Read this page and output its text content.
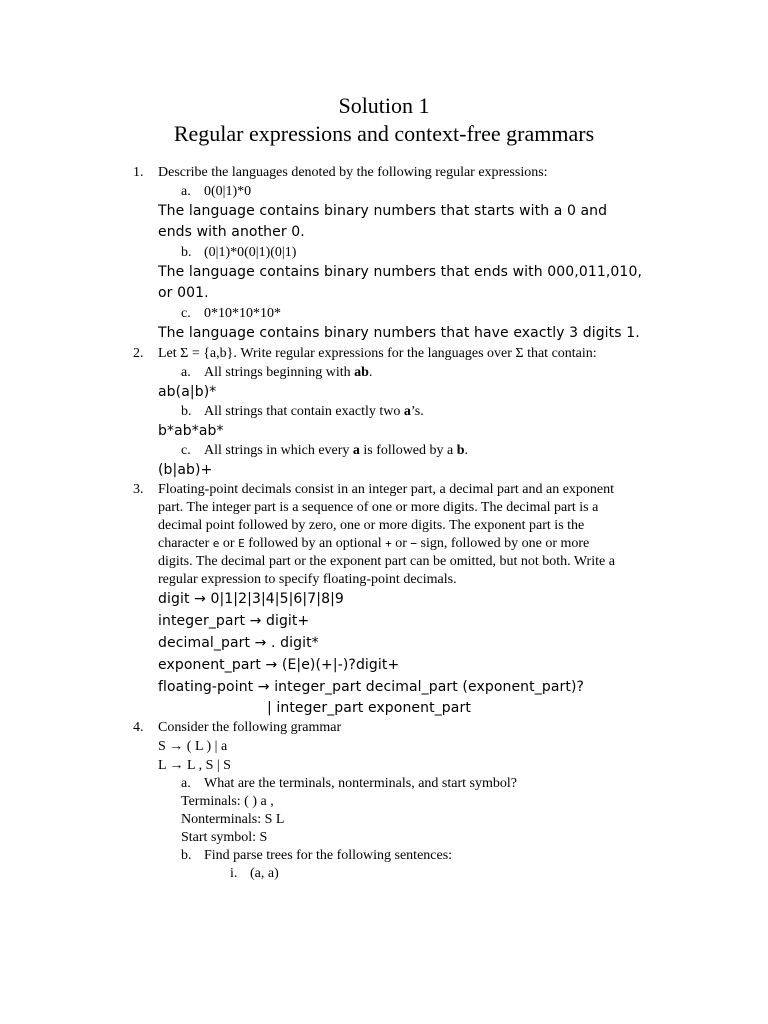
Solution 1
Regular expressions and context-free grammars
1. Describe the languages denoted by the following regular expressions:
a. 0(0|1)*0
The language contains binary numbers that starts with a 0 and
ends with another 0.
b. (0|1)*0(0|1)(0|1)
The language contains binary numbers that ends with 000,011,010,
or 001.
c. 0*10*10*10*
The language contains binary numbers that have exactly 3 digits 1.
2. Let Σ = {a,b}. Write regular expressions for the languages over Σ that contain:
a. All strings beginning with ab.
ab(a|b)*
b. All strings that contain exactly two a’s.
b*ab*ab*
c. All strings in which every a is followed by a b.
(b|ab)+
3. Floating-point decimals consist in an integer part, a decimal part and an exponent
part. The integer part is a sequence of one or more digits. The decimal part is a
decimal point followed by zero, one or more digits. The exponent part is the
character e or E followed by an optional + or − sign, followed by one or more
digits. The decimal part or the exponent part can be omitted, but not both. Write a
regular expression to specify floating-point decimals.
digit → 0|1|2|3|4|5|6|7|8|9
integer_part → digit+
decimal_part → . digit*
exponent_part → (E|e)(+|-)?digit+
floating-point → integer_part decimal_part (exponent_part)?
| integer_part exponent_part
4. Consider the following grammar
S → ( L ) | a
L → L , S | S
a. What are the terminals, nonterminals, and start symbol?
Terminals: ( ) a ,
Nonterminals: S L
Start symbol: S
b. Find parse trees for the following sentences:
i. (a, a)
